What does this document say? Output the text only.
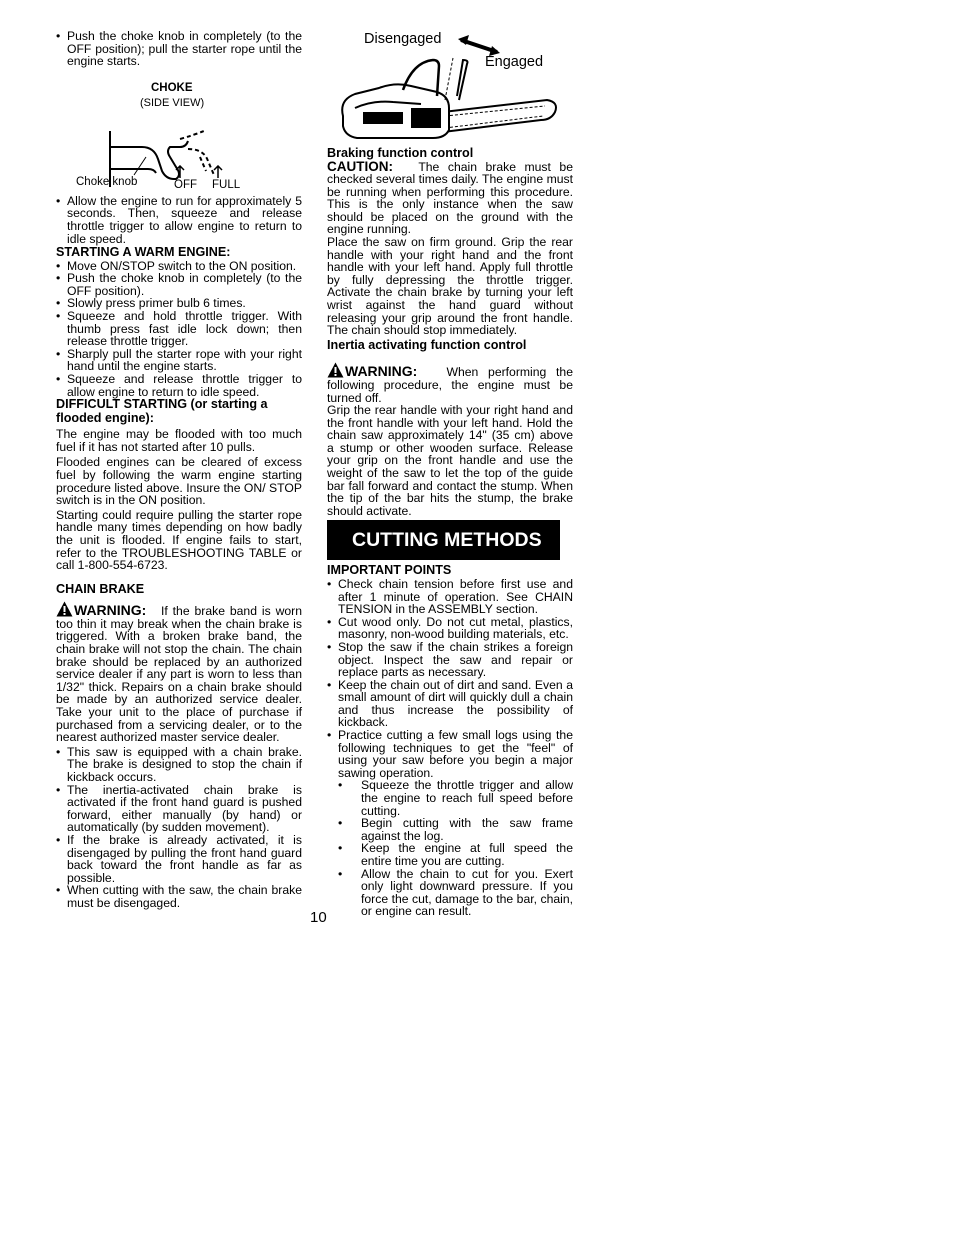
• Push the choke knob in completely (to the OFF position); pull the starter rope until the engine starts.
CHOKE
(SIDE VIEW)
Choke knob	OFF FULL
• Allow the engine to run for approximately 5 seconds. Then, squeeze and release throttle trigger to allow engine to return to idle speed.
STARTING A WARM ENGINE:
• Move ON/STOP switch to the ON position.
• Push the choke knob in completely (to the OFF position).
• Slowly press primer bulb 6 times.
• Squeeze and hold throttle trigger. With thumb press fast idle lock down; then release throttle trigger.
• Sharply pull the starter rope with your right hand until the engine starts.
• Squeeze and release throttle trigger to allow engine to return to idle speed.
DIFFICULT STARTING (or starting a flooded engine):

The engine may be flooded with too much fuel if it has not started after 10 pulls.

Flooded engines can be cleared of excess fuel by following the warm engine starting procedure listed above. Insure the ON/ STOP switch is in the ON position.

Starting could require pulling the starter rope handle many times depending on how badly the unit is flooded. If engine fails to start, refer to the TROUBLESHOOTING TABLE or call 1-800-554-6723.

CHAIN BRAKE

WARNING: If the brake band is worn too thin it may break when the chain brake is triggered. With a broken brake band, the chain brake will not stop the chain. The chain brake should be replaced by an authorized service dealer if any part is worn to less than 1/32" thick. Repairs on a chain brake should be made by an authorized service dealer. Take your unit to the place of purchase if purchased from a servicing dealer, or to the nearest authorized master service dealer.

• This saw is equipped with a chain brake. The brake is designed to stop the chain if kickback occurs.
• The inertia-activated chain brake is activated if the front hand guard is pushed forward, either manually (by hand) or automatically (by sudden movement).
• If the brake is already activated, it is disengaged by pulling the front hand guard back toward the front handle as far as possible.
• When cutting with the saw, the chain brake must be disengaged.
Disengaged
Engaged
Braking function control

CAUTION: The chain brake must be checked several times daily. The engine must be running when performing this procedure. This is the only instance when the saw should be placed on the ground with the engine running.

Place the saw on firm ground. Grip the rear handle with your right hand and the front handle with your left hand. Apply full throttle by fully depressing the throttle trigger. Activate the chain brake by turning your left wrist against the hand guard without releasing your grip around the front handle. The chain should stop immediately.

Inertia activating function control

WARNING: When performing the following procedure, the engine must be turned off.

Grip the rear handle with your right hand and the front handle with your left hand. Hold the chain saw approximately 14" (35 cm) above a stump or other wooden surface. Release your grip on the front handle and use the weight of the saw to let the top of the guide bar fall forward and contact the stump. When the tip of the bar hits the stump, the brake should activate.

CUTTING METHODS
IMPORTANT POINTS
• Check chain tension before first use and after 1 minute of operation. See CHAIN TENSION in the ASSEMBLY section.
• Cut wood only. Do not cut metal, plastics, masonry, non-wood building materials, etc.
• Stop the saw if the chain strikes a foreign object. Inspect the saw and repair or replace parts as necessary.
• Keep the chain out of dirt and sand. Even a small amount of dirt will quickly dull a chain and thus increase the possibility of kickback.
• Practice cutting a few small logs using the following techniques to get the "feel" of using your saw before you begin a major sawing operation.
• Squeeze the throttle trigger and allow the engine to reach full speed before cutting.
• Begin cutting with the saw frame against the log.
• Keep the engine at full speed the entire time you are cutting.
• Allow the chain to cut for you. Exert only light downward pressure. If you force the cut, damage to the bar, chain, or engine can result.
10
